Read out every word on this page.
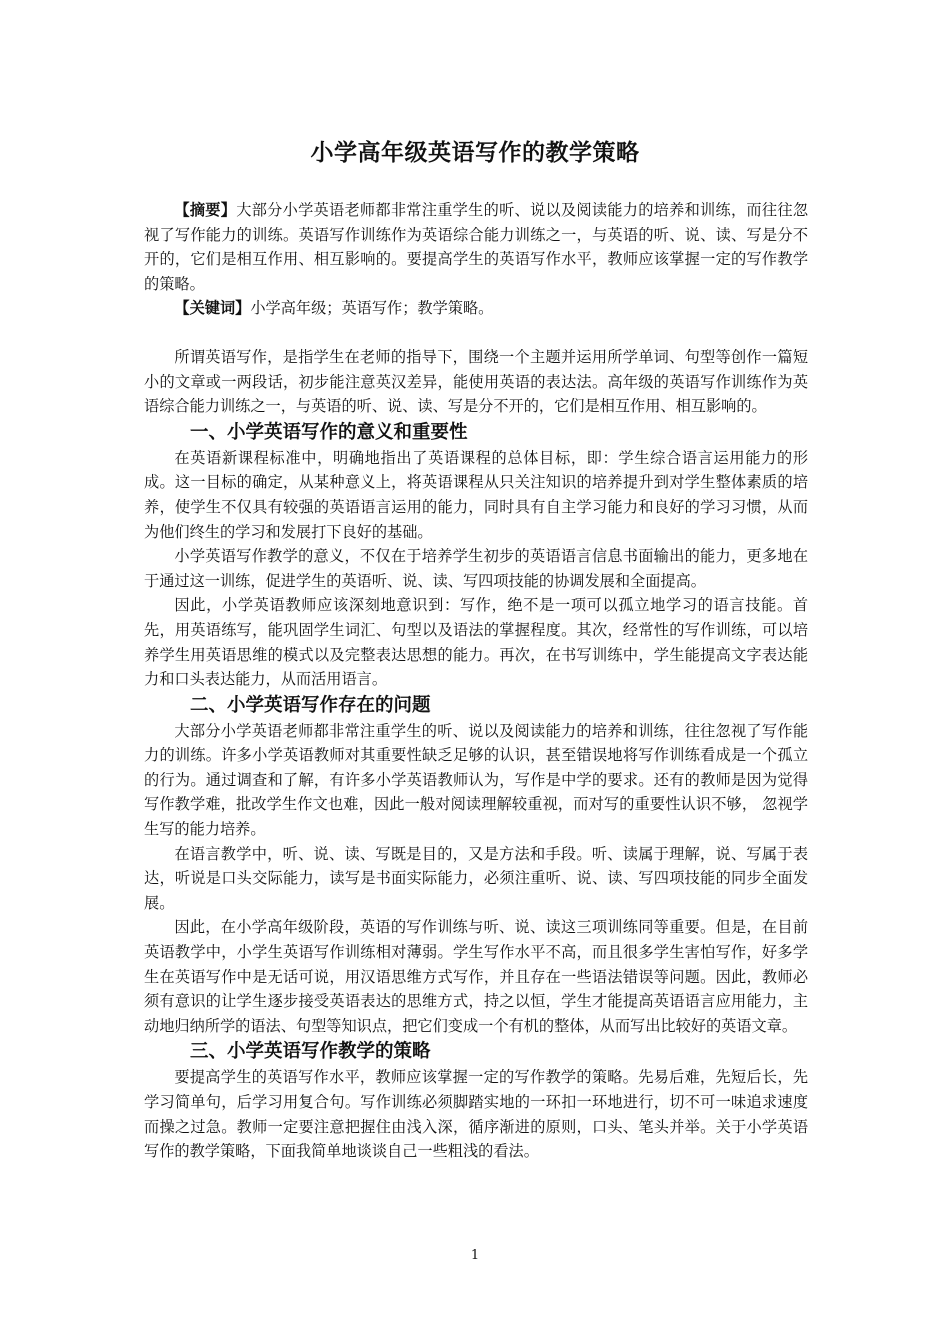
小学高年级英语写作的教学策略

【摘要】大部分小学英语老师都非常注重学生的听、说以及阅读能力的培养和训练，而往往忽视了写作能力的训练。英语写作训练作为英语综合能力训练之一，与英语的听、说、读、写是分不开的，它们是相互作用、相互影响的。要提高学生的英语写作水平，教师应该掌握一定的写作教学的策略。

【关键词】小学高年级；英语写作；教学策略。

所谓英语写作，是指学生在老师的指导下，围绕一个主题并运用所学单词、句型等创作一篇短小的文章或一两段话，初步能注意英汉差异，能使用英语的表达法。高年级的英语写作训练作为英语综合能力训练之一，与英语的听、说、读、写是分不开的，它们是相互作用、相互影响的。

一、小学英语写作的意义和重要性

在英语新课程标准中，明确地指出了英语课程的总体目标，即：学生综合语言运用能力的形成。这一目标的确定，从某种意义上，将英语课程从只关注知识的培养提升到对学生整体素质的培养，使学生不仅具有较强的英语语言运用的能力，同时具有自主学习能力和良好的学习习惯，从而为他们终生的学习和发展打下良好的基础。

小学英语写作教学的意义，不仅在于培养学生初步的英语语言信息书面输出的能力，更多地在于通过这一训练，促进学生的英语听、说、读、写四项技能的协调发展和全面提高。

因此，小学英语教师应该深刻地意识到：写作，绝不是一项可以孤立地学习的语言技能。首先，用英语练写，能巩固学生词汇、句型以及语法的掌握程度。其次，经常性的写作训练，可以培养学生用英语思维的模式以及完整表达思想的能力。再次，在书写训练中，学生能提高文字表达能力和口头表达能力，从而活用语言。

二、小学英语写作存在的问题

大部分小学英语老师都非常注重学生的听、说以及阅读能力的培养和训练，往往忽视了写作能力的训练。许多小学英语教师对其重要性缺乏足够的认识，甚至错误地将写作训练看成是一个孤立的行为。通过调查和了解，有许多小学英语教师认为，写作是中学的要求。还有的教师是因为觉得写作教学难，批改学生作文也难，因此一般对阅读理解较重视，而对写的重要性认识不够， 忽视学生写的能力培养。

在语言教学中，听、说、读、写既是目的，又是方法和手段。听、读属于理解，说、写属于表达，听说是口头交际能力，读写是书面实际能力，必须注重听、说、读、写四项技能的同步全面发展。

因此，在小学高年级阶段，英语的写作训练与听、说、读这三项训练同等重要。但是，在目前英语教学中，小学生英语写作训练相对薄弱。学生写作水平不高，而且很多学生害怕写作，好多学生在英语写作中是无话可说，用汉语思维方式写作，并且存在一些语法错误等问题。因此，教师必须有意识的让学生逐步接受英语表达的思维方式，持之以恒，学生才能提高英语语言应用能力，主动地归纳所学的语法、句型等知识点，把它们变成一个有机的整体，从而写出比较好的英语文章。

三、小学英语写作教学的策略

要提高学生的英语写作水平，教师应该掌握一定的写作教学的策略。先易后难，先短后长，先学习简单句，后学习用复合句。写作训练必须脚踏实地的一环扣一环地进行，切不可一味追求速度而操之过急。教师一定要注意把握住由浅入深，循序渐进的原则，口头、笔头并举。关于小学英语写作的教学策略，下面我简单地谈谈自己一些粗浅的看法。

1
